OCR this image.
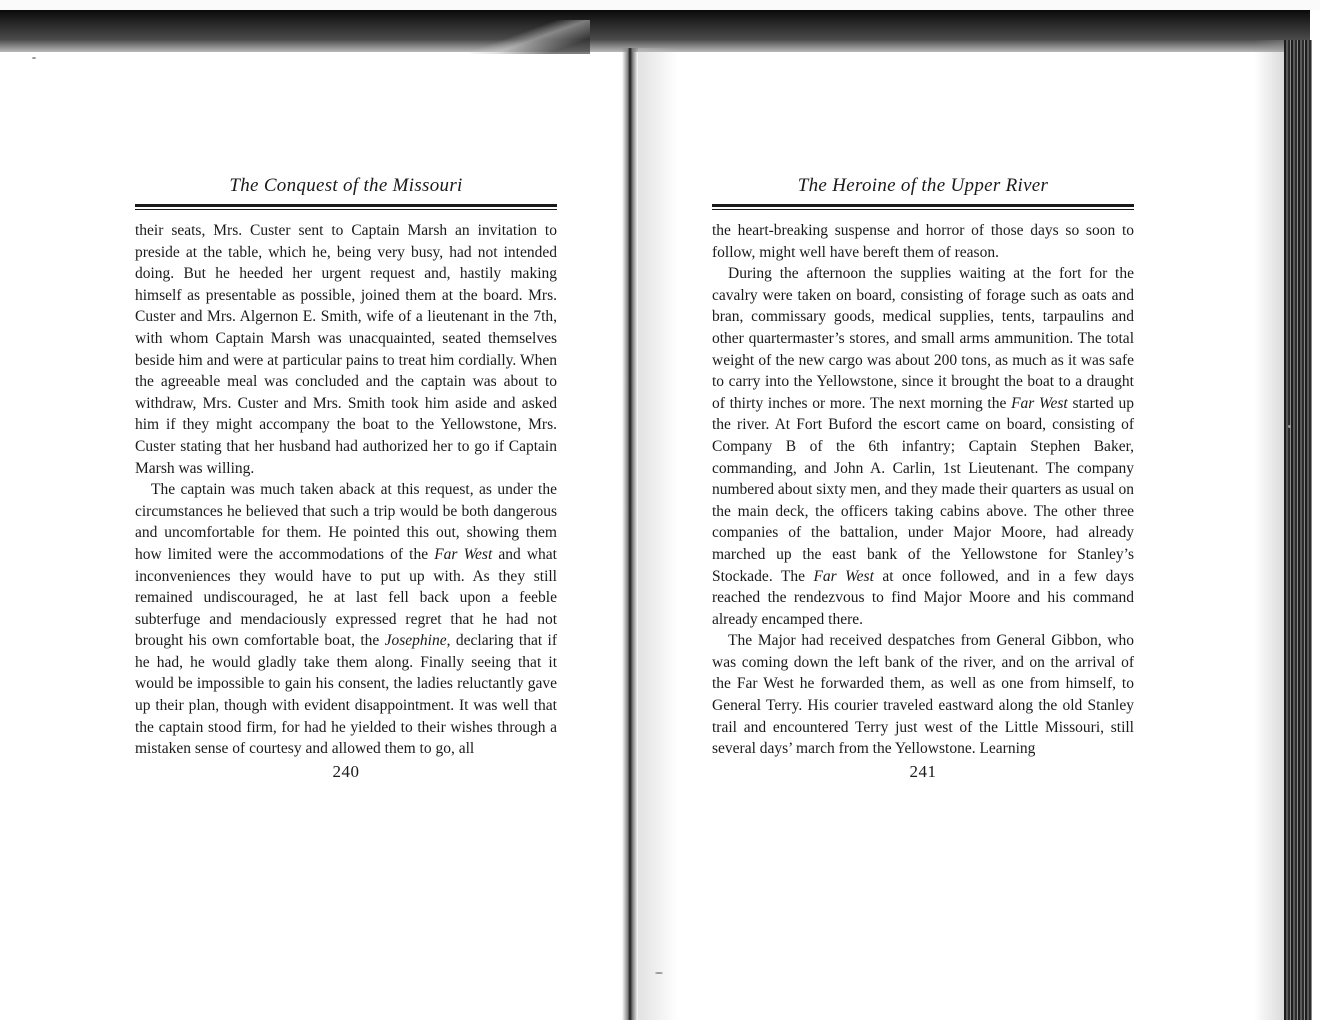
The Conquest of the Missouri

their seats, Mrs. Custer sent to Captain Marsh an invitation to preside at the table, which he, being very busy, had not intended doing. But he heeded her urgent request and, hastily making himself as presentable as possible, joined them at the board. Mrs. Custer and Mrs. Algernon E. Smith, wife of a lieutenant in the 7th, with whom Captain Marsh was unacquainted, seated themselves beside him and were at particular pains to treat him cordially. When the agreeable meal was concluded and the captain was about to withdraw, Mrs. Custer and Mrs. Smith took him aside and asked him if they might accompany the boat to the Yellowstone, Mrs. Custer stating that her husband had authorized her to go if Captain Marsh was willing.

The captain was much taken aback at this request, as under the circumstances he believed that such a trip would be both dangerous and uncomfortable for them. He pointed this out, showing them how limited were the accommodations of the Far West and what inconveniences they would have to put up with. As they still remained undiscouraged, he at last fell back upon a feeble subterfuge and mendaciously expressed regret that he had not brought his own comfortable boat, the Josephine, declaring that if he had, he would gladly take them along. Finally seeing that it would be impossible to gain his consent, the ladies reluctantly gave up their plan, though with evident disappointment. It was well that the captain stood firm, for had he yielded to their wishes through a mistaken sense of courtesy and allowed them to go, all

240
The Heroine of the Upper River

the heart-breaking suspense and horror of those days so soon to follow, might well have bereft them of reason.

During the afternoon the supplies waiting at the fort for the cavalry were taken on board, consisting of forage such as oats and bran, commissary goods, medical supplies, tents, tarpaulins and other quartermaster’s stores, and small arms ammunition. The total weight of the new cargo was about 200 tons, as much as it was safe to carry into the Yellowstone, since it brought the boat to a draught of thirty inches or more. The next morning the Far West started up the river. At Fort Buford the escort came on board, consisting of Company B of the 6th infantry; Captain Stephen Baker, commanding, and John A. Carlin, 1st Lieutenant. The company numbered about sixty men, and they made their quarters as usual on the main deck, the officers taking cabins above. The other three companies of the battalion, under Major Moore, had already marched up the east bank of the Yellowstone for Stanley’s Stockade. The Far West at once followed, and in a few days reached the rendezvous to find Major Moore and his command already encamped there.

The Major had received despatches from General Gibbon, who was coming down the left bank of the river, and on the arrival of the Far West he forwarded them, as well as one from himself, to General Terry. His courier traveled eastward along the old Stanley trail and encountered Terry just west of the Little Missouri, still several days’ march from the Yellowstone. Learning

241
